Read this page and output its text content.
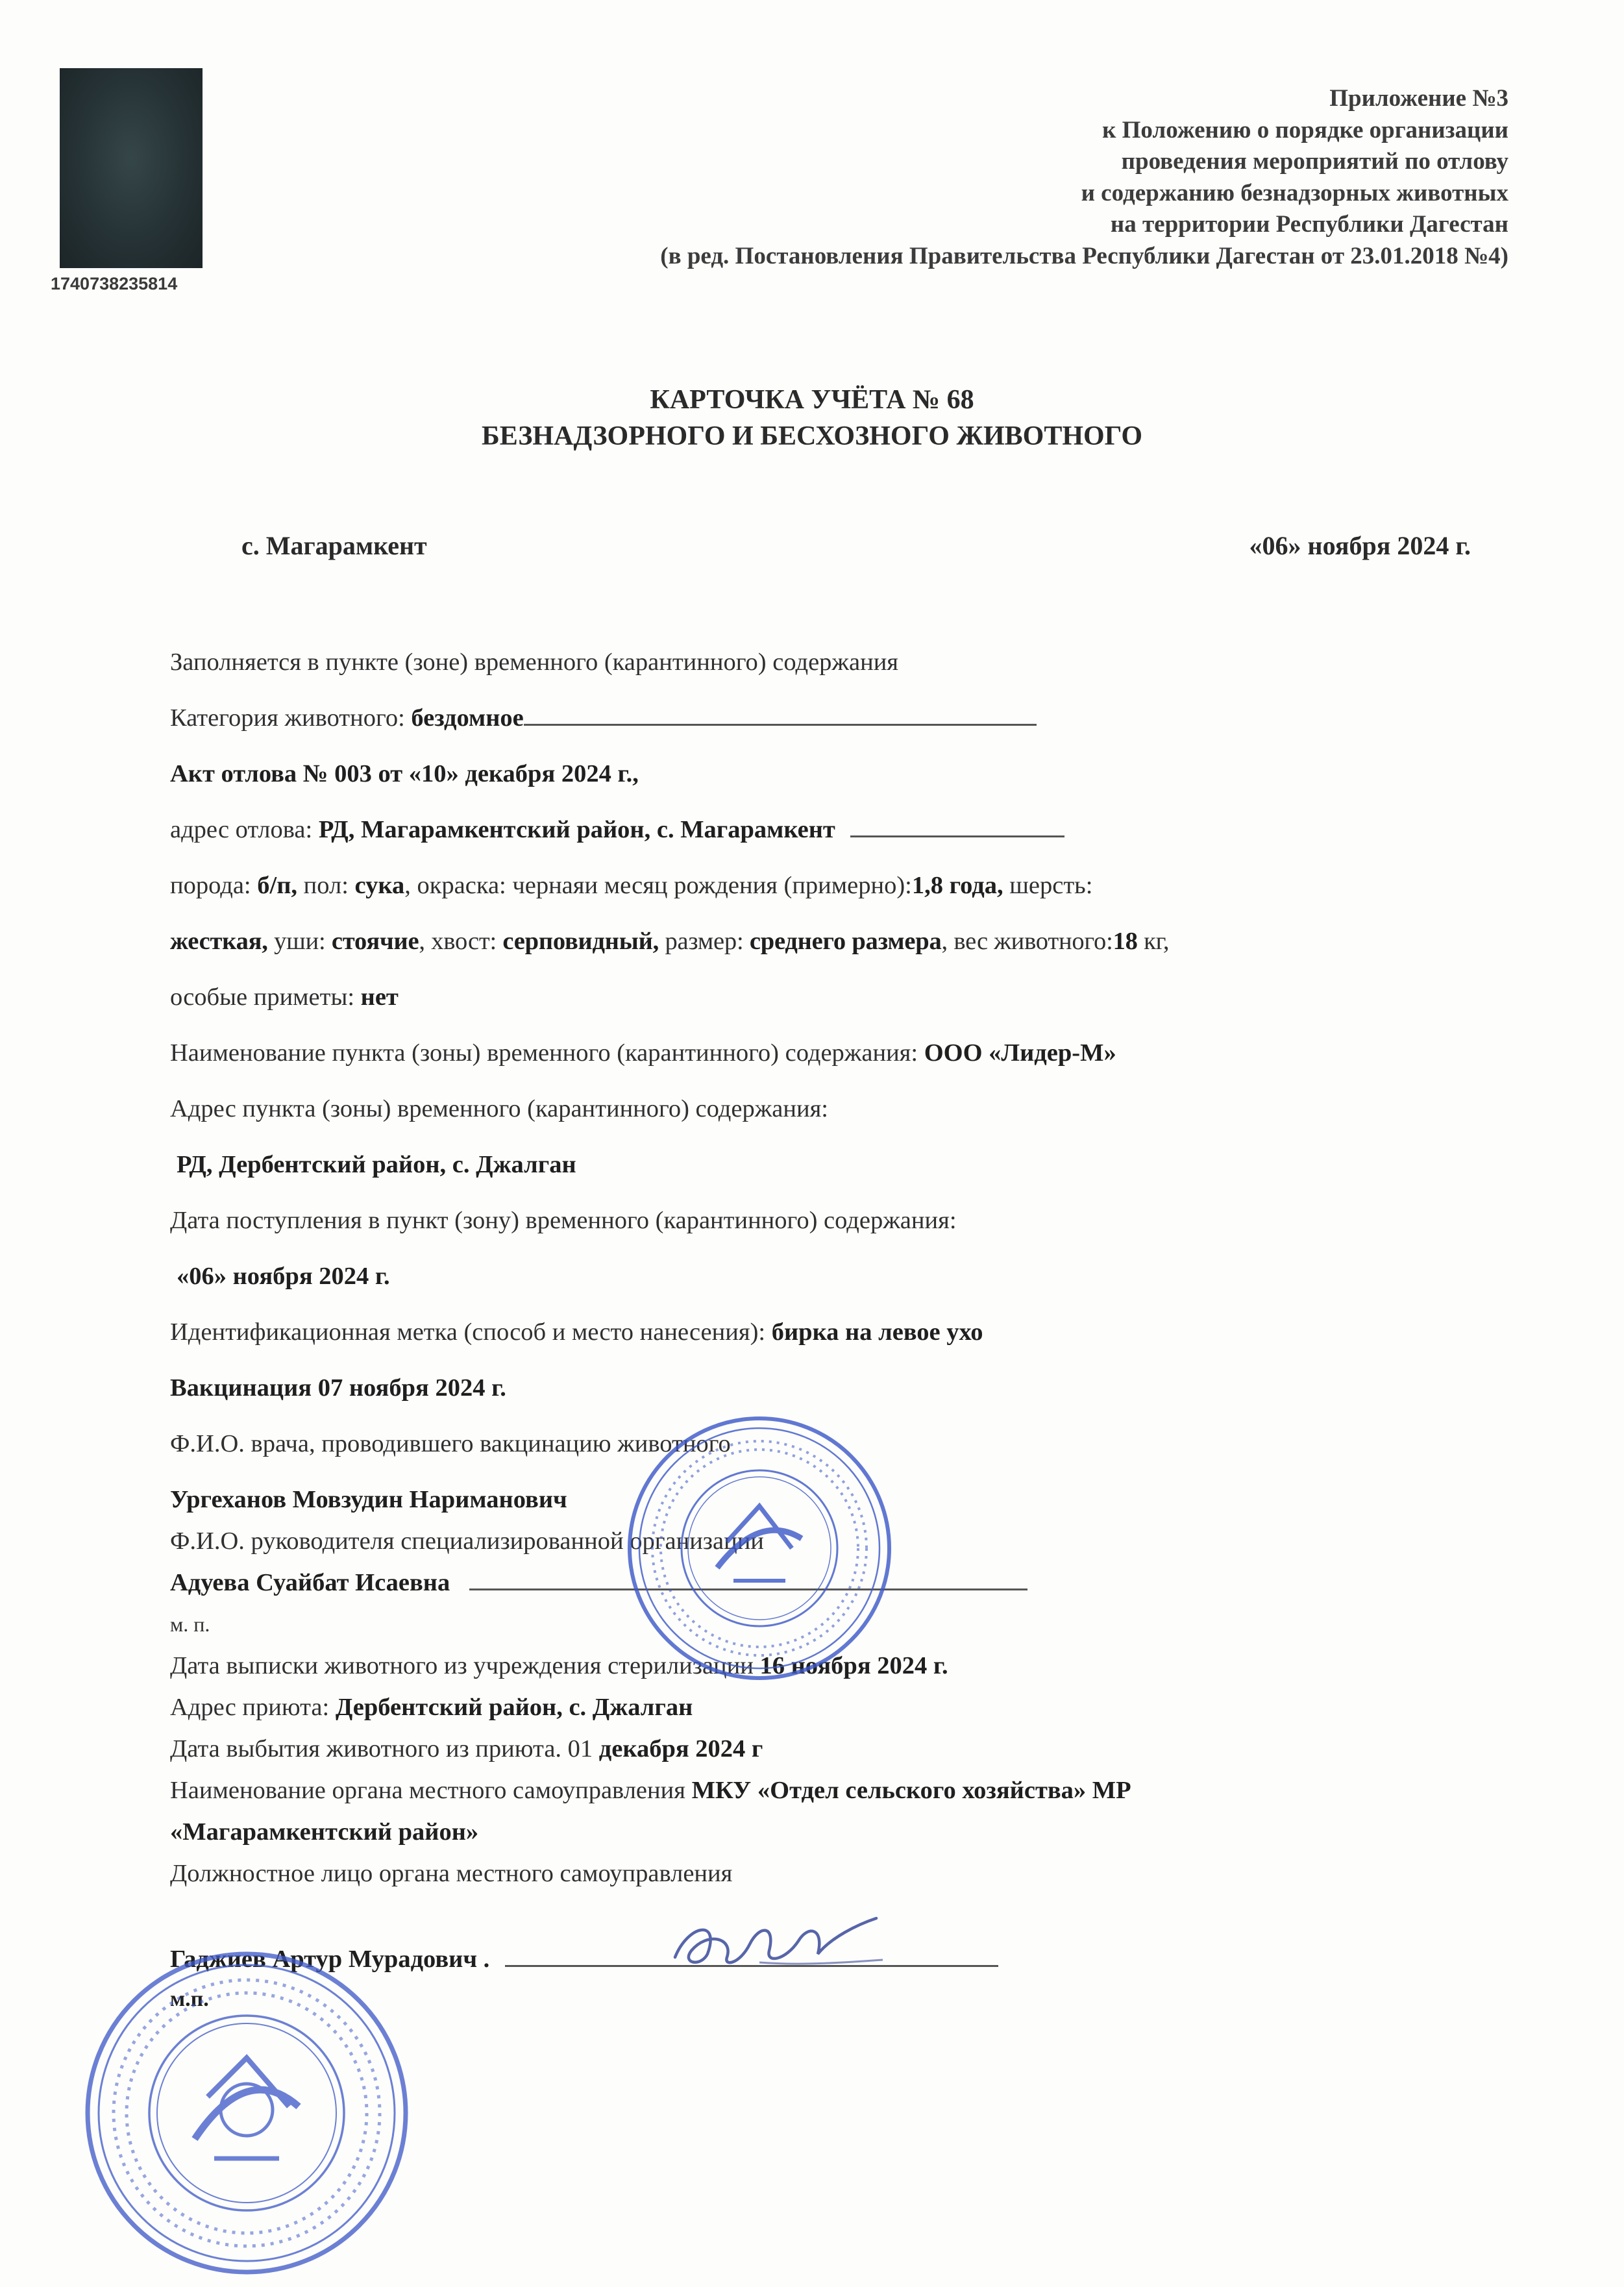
1740738235814
Приложение №3
к Положению о порядке организации
проведения мероприятий по отлову
и содержанию безнадзорных животных
на территории Республики Дагестан
(в ред. Постановления Правительства Республики Дагестан от 23.01.2018 №4)
КАРТОЧКА УЧЁТА № 68
БЕЗНАДЗОРНОГО И БЕСХОЗНОГО ЖИВОТНОГО
с. Магарамкент	«06» ноября 2024 г.
Заполняется в пункте (зоне) временного (карантинного) содержания
Категория животного: бездомное
Акт отлова № 003 от «10» декабря 2024 г.,
адрес отлова: РД, Магарамкентский район, с. Магарамкент
порода: б/п, пол: сука, окраска: чернаяи месяц рождения (примерно):1,8 года, шерсть:
жесткая, уши: стоячие, хвост: серповидный, размер: среднего размера, вес животного:18 кг,
особые приметы: нет
Наименование пункта (зоны) временного (карантинного) содержания: ООО «Лидер-М»
Адрес пункта (зоны) временного (карантинного) содержания:
РД, Дербентский район, с. Джалган
Дата поступления в пункт (зону) временного (карантинного) содержания:
«06» ноября 2024 г.
Идентификационная метка (способ и место нанесения): бирка на левое ухо
Вакцинация 07 ноября 2024 г.
Ф.И.О. врача, проводившего вакцинацию животного
Ургеханов Мовзудин Нариманович
Ф.И.О. руководителя специализированной организации
Адуева Суайбат Исаевна
м. п.
Дата выписки животного из учреждения стерилизации 16 ноября 2024 г.
Адрес приюта: Дербентский район, с. Джалган
Дата выбытия животного из приюта. 01 декабря 2024 г
Наименование органа местного самоуправления МКУ «Отдел сельского хозяйства» МР
«Магарамкентский район»
Должностное лицо органа местного самоуправления
Гаджиев Артур Мурадович .
м.п.
